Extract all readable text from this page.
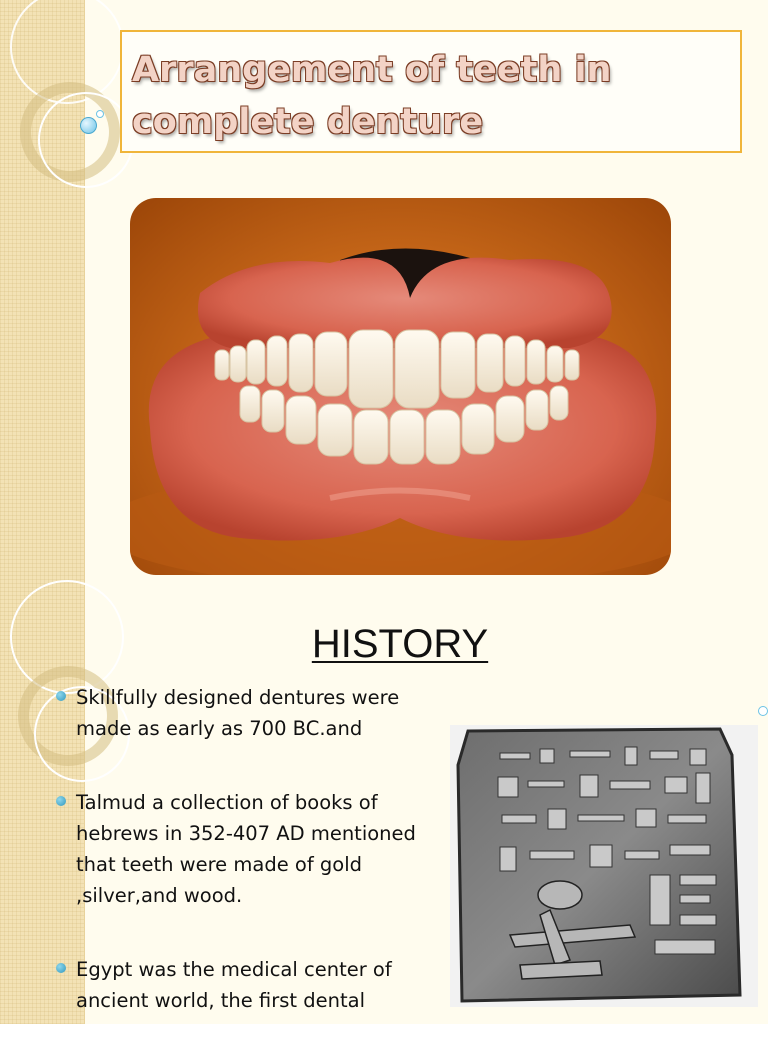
Arrangement of teeth in
complete denture
HISTORY
Skillfully designed dentures were made as early as 700 BC.and
Talmud a collection of books of hebrews in 352-407 AD mentioned that teeth were made of gold ,silver,and wood.
Egypt was the medical center of ancient world, the first dental
